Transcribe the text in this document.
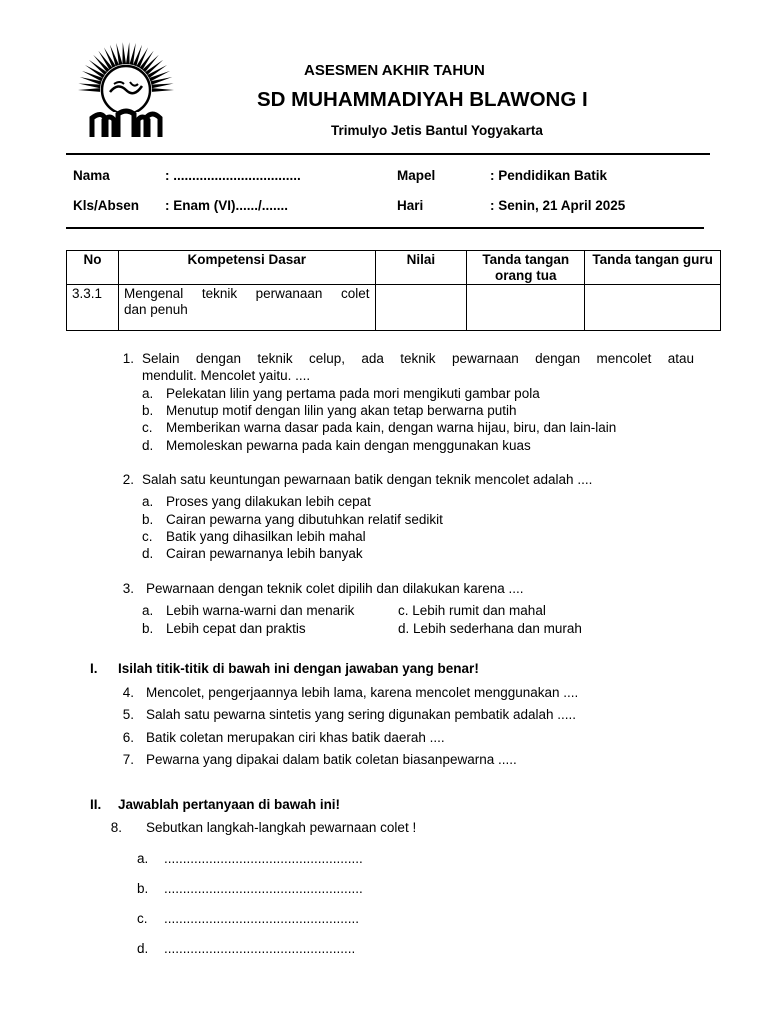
ASESMEN AKHIR TAHUN
SD MUHAMMADIYAH BLAWONG I
Trimulyo Jetis Bantul Yogyakarta
Nama	: ..................................	Mapel	: Pendidikan Batik
Kls/Absen : Enam (VI)....../.......	Hari	: Senin, 21 April 2025
No	Kompetensi Dasar	Nilai	Tanda tangan orang tua	Tanda tangan guru
3.3.1	Mengenal teknik perwanaan colet
dan penuh			
1. Selain dengan teknik celup, ada teknik pewarnaan dengan mencolet atau
mendulit. Mencolet yaitu. ....
a. Pelekatan lilin yang pertama pada mori mengikuti gambar pola
b. Menutup motif dengan lilin yang akan tetap berwarna putih
c. Memberikan warna dasar pada kain, dengan warna hijau, biru, dan lain-lain
d. Memoleskan pewarna pada kain dengan menggunakan kuas
2. Salah satu keuntungan pewarnaan batik dengan teknik mencolet adalah ....
a. Proses yang dilakukan lebih cepat
b. Cairan pewarna yang dibutuhkan relatif sedikit
c. Batik yang dihasilkan lebih mahal
d. Cairan pewarnanya lebih banyak
3. Pewarnaan dengan teknik colet dipilih dan dilakukan karena ....
a. Lebih warna-warni dan menarik
b. Lebih cepat dan praktis
c. Lebih rumit dan mahal
d. Lebih sederhana dan murah
I. Isilah titik-titik di bawah ini dengan jawaban yang benar!
4. Mencolet, pengerjaannya lebih lama, karena mencolet menggunakan ....
5. Salah satu pewarna sintetis yang sering digunakan pembatik adalah .....
6. Batik coletan merupakan ciri khas batik daerah ....
7. Pewarna yang dipakai dalam batik coletan biasanpewarna .....
II. Jawablah pertanyaan di bawah ini!
8. Sebutkan langkah-langkah pewarnaan colet !
a. .....................................................
b. .....................................................
c. ....................................................
d. ...................................................
